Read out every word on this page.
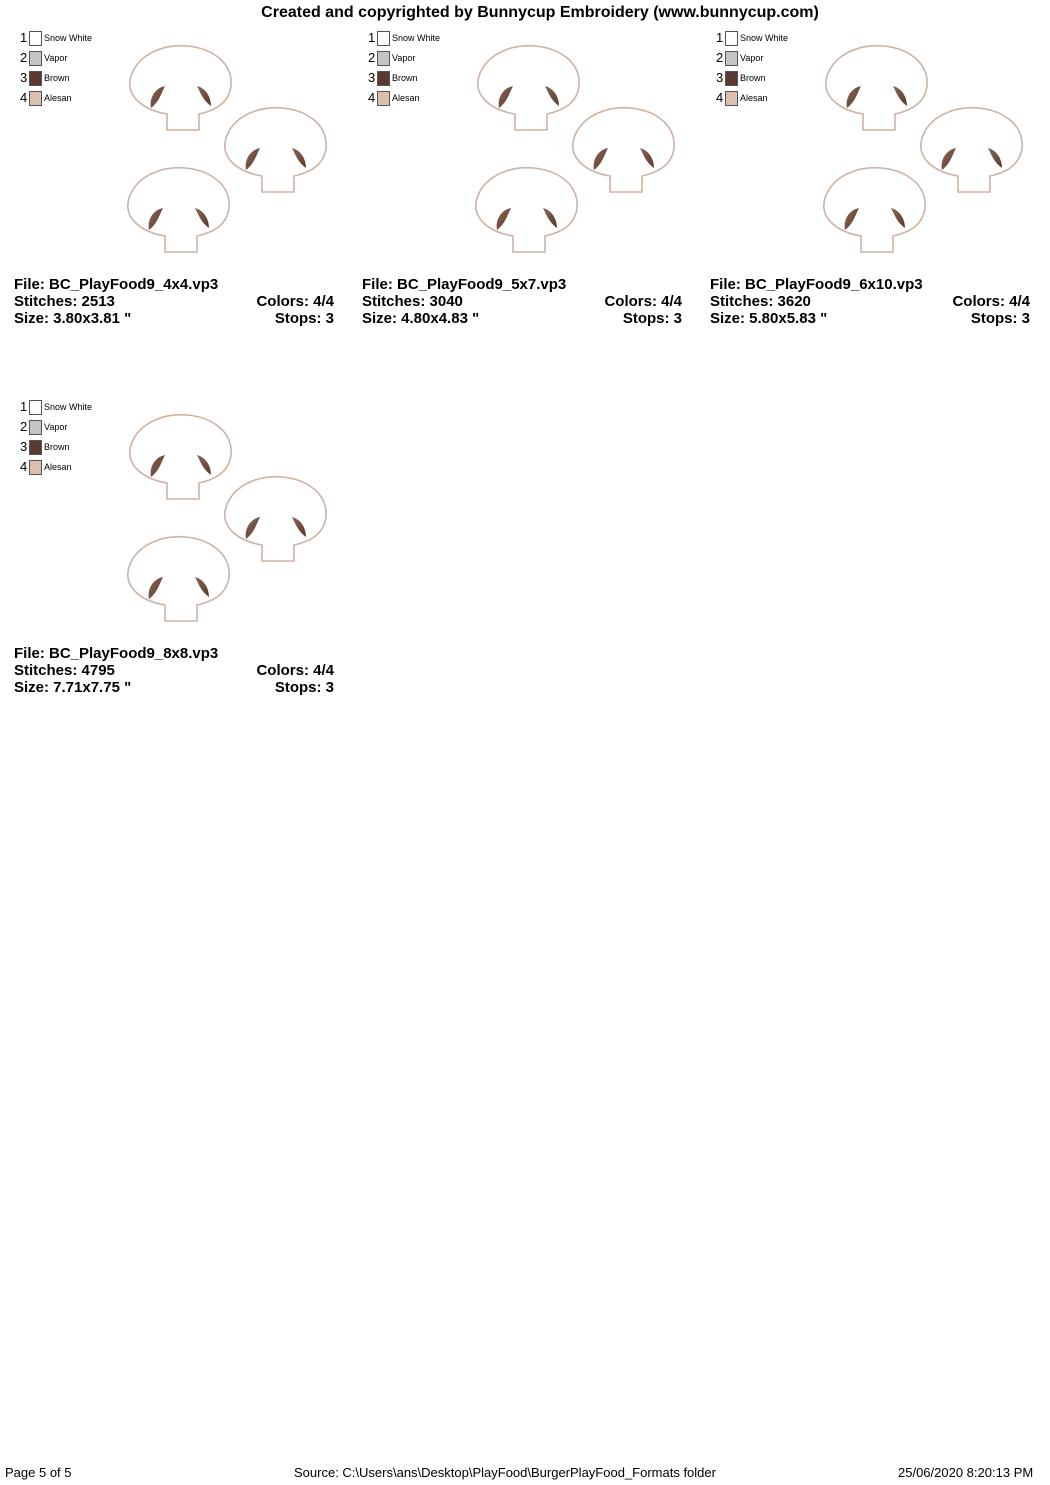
Created and copyrighted by Bunnycup Embroidery (www.bunnycup.com)
1	Snow White
2	Vapor
3	Brown
4	Alesan
File: BC_PlayFood9_4x4.vp3
Stitches: 2513	Colors: 4/4
Size: 3.80x3.81 "	Stops: 3
1	Snow White
2	Vapor
3	Brown
4	Alesan
File: BC_PlayFood9_5x7.vp3
Stitches: 3040	Colors: 4/4
Size: 4.80x4.83 "	Stops: 3
1	Snow White
2	Vapor
3	Brown
4	Alesan
File: BC_PlayFood9_6x10.vp3
Stitches: 3620	Colors: 4/4
Size: 5.80x5.83 "	Stops: 3
1	Snow White
2	Vapor
3	Brown
4	Alesan
File: BC_PlayFood9_8x8.vp3
Stitches: 4795	Colors: 4/4
Size: 7.71x7.75 "	Stops: 3
Page 5 of 5	Source: C:\Users\ans\Desktop\PlayFood\BurgerPlayFood_Formats folder	25/06/2020 8:20:13 PM
